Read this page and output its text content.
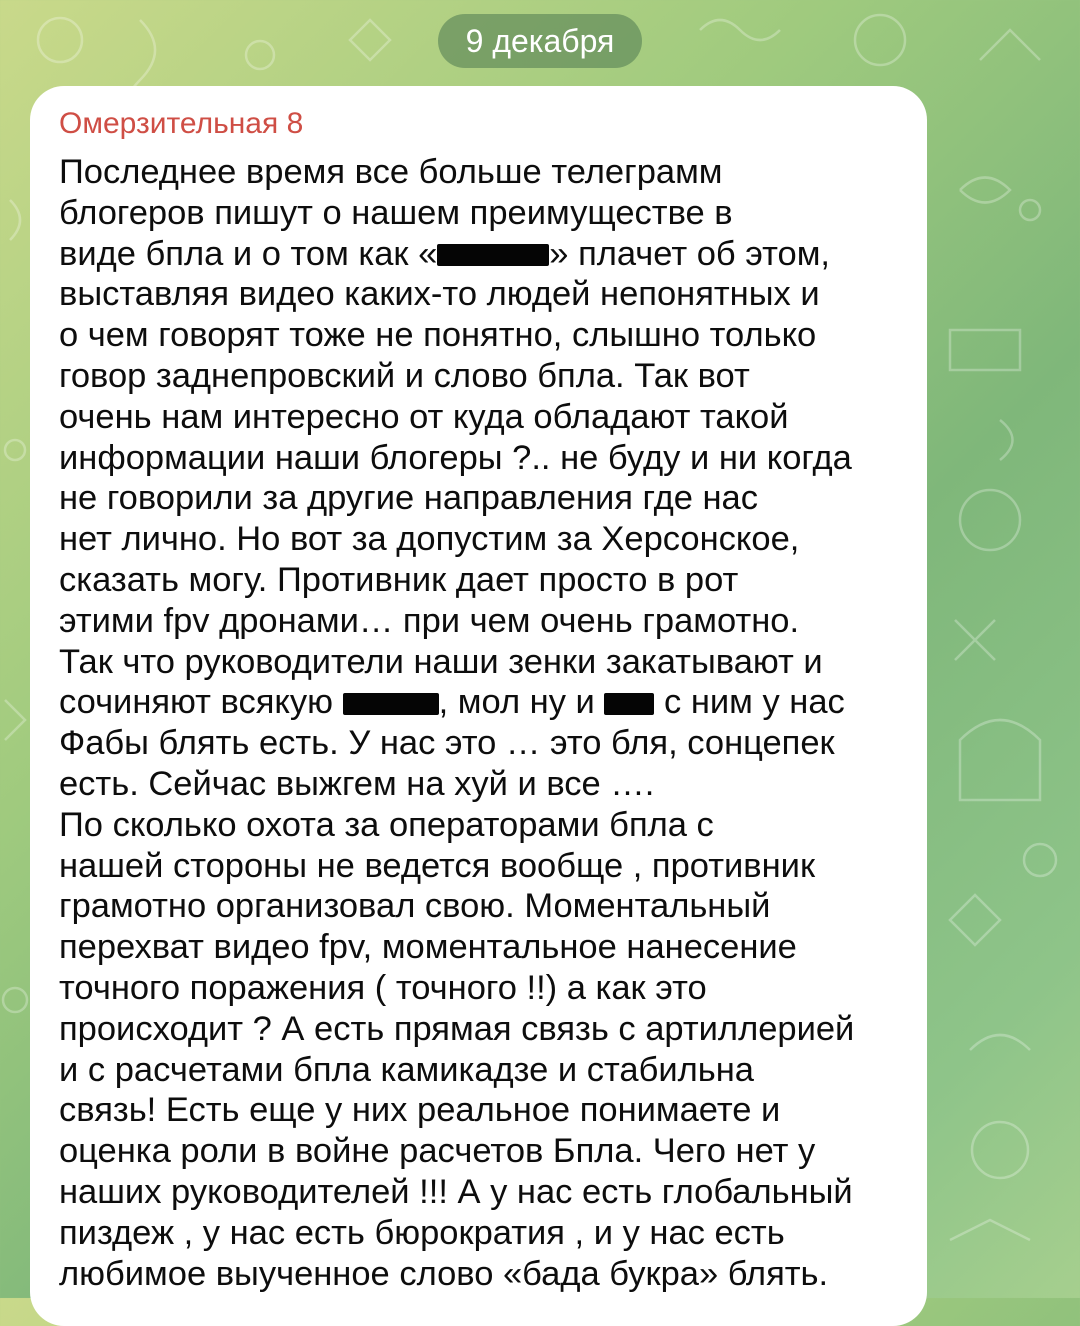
9 декабря
Омерзительная 8
Последнее время все больше телеграмм
блогеров пишут о нашем преимуществе в
виде бпла и о том как «	» плачет об этом,
выставляя видео каких-то людей непонятных и
о чем говорят тоже не понятно, слышно только
говор заднепровский и слово бпла. Так вот
очень нам интересно от куда обладают такой
информации наши блогеры ?.. не буду и ни когда
не говорили за другие направления где нас
нет лично. Но вот за допустим за Херсонское,
сказать могу. Противник дает просто в рот
этими fpv дронами… при чем очень грамотно.
Так что руководители наши зенки закатывают и
сочиняют всякую	, мол ну и  с ним у нас
Фабы блять есть. У нас это … это бля, сонцепек
есть. Сейчас выжгем на хуй и все ….
По сколько охота за операторами бпла с
нашей стороны не ведется вообще , противник
грамотно организовал свою. Моментальный
перехват видео fpv, моментальное нанесение
точного поражения ( точного !!) а как это
происходит ? А есть прямая связь с артиллерией
и с расчетами бпла камикадзе и стабильна
связь! Есть еще у них реальное понимаете и
оценка роли в войне расчетов Бпла. Чего нет у
наших руководителей !!! А у нас есть глобальный
пиздеж , у нас есть бюрократия , и у нас есть
любимое выученное слово «бада букра» блять.
